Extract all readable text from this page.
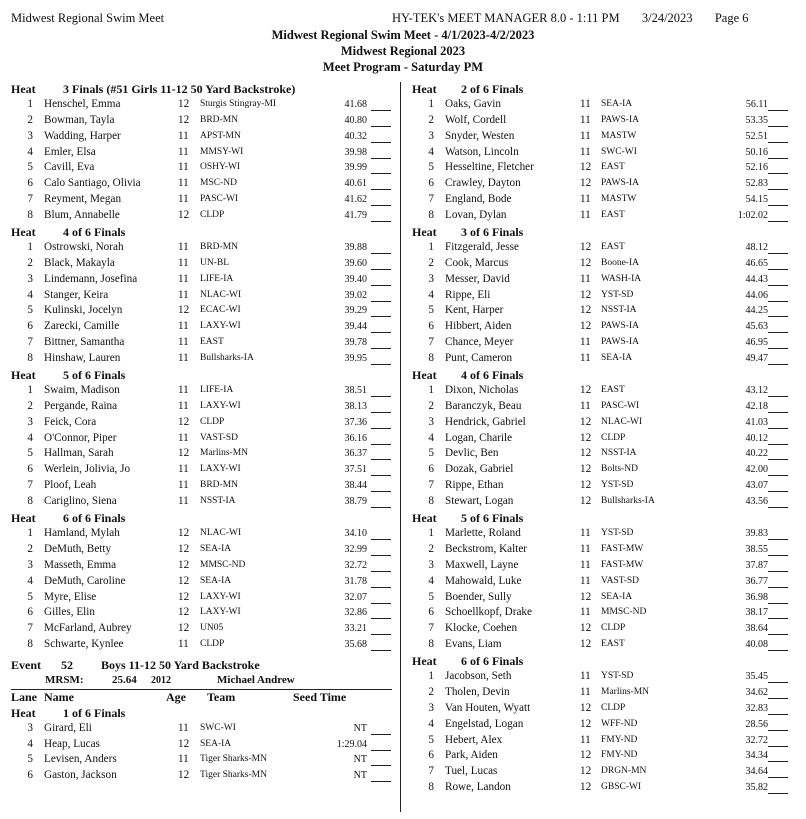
Midwest Regional Swim Meet	HY-TEK's MEET MANAGER 8.0 - 1:11 PM 3/24/2023 Page 6
Midwest Regional Swim Meet - 4/1/2023-4/2/2023
Midwest Regional 2023
Meet Program - Saturday PM
Heat 3 Finals (#51 Girls 11-12 50 Yard Backstroke)
1 Henschel, Emma	12 Sturgis Stingray-MI	41.68
2 Bowman, Tayla	12 BRD-MN	40.80
3 Wadding, Harper	11 APST-MN	40.32
4 Emler, Elsa	11 MMSY-WI	39.98
5 Cavill, Eva	11 OSHY-WI	39.99
6 Calo Santiago, Olivia	11 MSC-ND	40.61
7 Reyment, Megan	11 PASC-WI	41.62
8 Blum, Annabelle	12 CLDP	41.79
Heat 4 of 6 Finals
1 Ostrowski, Norah	11 BRD-MN	39.88
2 Black, Makayla	11 UN-BL	39.60
3 Lindemann, Josefina	11 LIFE-IA	39.40
4 Stanger, Keira	11 NLAC-WI	39.02
5 Kulinski, Jocelyn	12 ECAC-WI	39.29
6 Zarecki, Camille	11 LAXY-WI	39.44
7 Bittner, Samantha	11 EAST	39.78
8 Hinshaw, Lauren	11 Bullsharks-IA	39.95
Heat 5 of 6 Finals
1 Swaim, Madison	11 LIFE-IA	38.51
2 Pergande, Raina	11 LAXY-WI	38.13
3 Feick, Cora	12 CLDP	37.36
4 O'Connor, Piper	11 VAST-SD	36.16
5 Hallman, Sarah	12 Marlins-MN	36.37
6 Werlein, Jolivia, Jo	11 LAXY-WI	37.51
7 Ploof, Leah	11 BRD-MN	38.44
8 Cariglino, Siena	11 NSST-IA	38.79
Heat 6 of 6 Finals
1 Hamland, Mylah	12 NLAC-WI	34.10
2 DeMuth, Betty	12 SEA-IA	32.99
3 Masseth, Emma	12 MMSC-ND	32.72
4 DeMuth, Caroline	12 SEA-IA	31.78
5 Myre, Elise	12 LAXY-WI	32.07
6 Gilles, Elin	12 LAXY-WI	32.86
7 McFarland, Aubrey	12 UN05	33.21
8 Schwarte, Kynlee	11 CLDP	35.68
Event 52 Boys 11-12 50 Yard Backstroke
MRSM:	25.64 2012	Michael Andrew
Lane Name	Age Team	Seed Time
Heat 1 of 6 Finals
3 Girard, Eli	11 SWC-WI	NT
4 Heap, Lucas	12 SEA-IA	1:29.04
5 Levisen, Anders	11 Tiger Sharks-MN	NT
6 Gaston, Jackson	12 Tiger Sharks-MN	NT
Heat 2 of 6 Finals
1 Oaks, Gavin	11 SEA-IA	56.11
2 Wolf, Cordell	11 PAWS-IA	53.35
3 Snyder, Westen	11 MASTW	52.51
4 Watson, Lincoln	11 SWC-WI	50.16
5 Hesseltine, Fletcher	12 EAST	52.16
6 Crawley, Dayton	12 PAWS-IA	52.83
7 England, Bode	11 MASTW	54.15
8 Lovan, Dylan	11 EAST	1:02.02
Heat 3 of 6 Finals
1 Fitzgerald, Jesse	12 EAST	48.12
2 Cook, Marcus	12 Boone-IA	46.65
3 Messer, David	11 WASH-IA	44.43
4 Rippe, Eli	12 YST-SD	44.06
5 Kent, Harper	12 NSST-IA	44.25
6 Hibbert, Aiden	12 PAWS-IA	45.63
7 Chance, Meyer	11 PAWS-IA	46.95
8 Punt, Cameron	11 SEA-IA	49.47
Heat 4 of 6 Finals
1 Dixon, Nicholas	12 EAST	43.12
2 Baranczyk, Beau	11 PASC-WI	42.18
3 Hendrick, Gabriel	12 NLAC-WI	41.03
4 Logan, Charile	12 CLDP	40.12
5 Devlic, Ben	12 NSST-IA	40.22
6 Dozak, Gabriel	12 Bolts-ND	42.00
7 Rippe, Ethan	12 YST-SD	43.07
8 Stewart, Logan	12 Bullsharks-IA	43.56
Heat 5 of 6 Finals
1 Marlette, Roland	11 YST-SD	39.83
2 Beckstrom, Kalter	11 FAST-MW	38.55
3 Maxwell, Layne	11 FAST-MW	37.87
4 Mahowald, Luke	11 VAST-SD	36.77
5 Boender, Sully	12 SEA-IA	36.98
6 Schoellkopf, Drake	11 MMSC-ND	38.17
7 Klocke, Coehen	12 CLDP	38.64
8 Evans, Liam	12 EAST	40.08
Heat 6 of 6 Finals
1 Jacobson, Seth	11 YST-SD	35.45
2 Tholen, Devin	11 Marlins-MN	34.62
3 Van Houten, Wyatt	12 CLDP	32.83
4 Engelstad, Logan	12 WFF-ND	28.56
5 Hebert, Alex	11 FMY-ND	32.72
6 Park, Aiden	12 FMY-ND	34.34
7 Tuel, Lucas	12 DRGN-MN	34.64
8 Rowe, Landon	12 GBSC-WI	35.82
